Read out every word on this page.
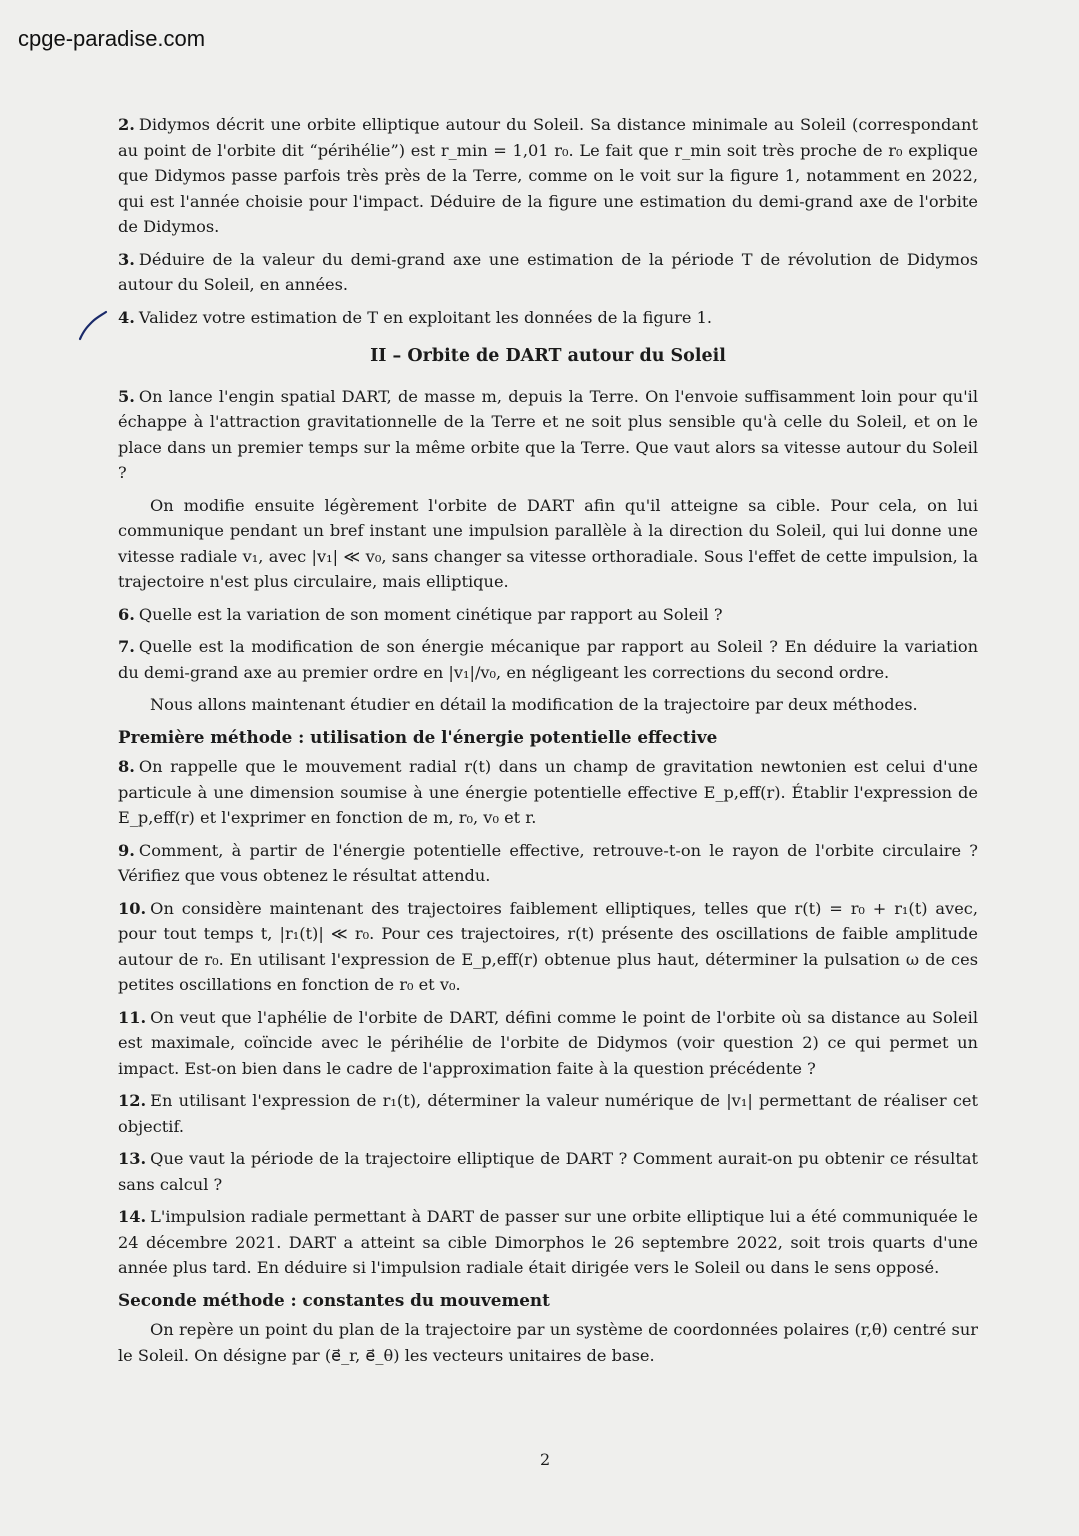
cpge-paradise.com

2. Didymos décrit une orbite elliptique autour du Soleil. Sa distance minimale au Soleil (correspondant au point de l'orbite dit “périhélie”) est r_min = 1,01 r₀. Le fait que r_min soit très proche de r₀ explique que Didymos passe parfois très près de la Terre, comme on le voit sur la figure 1, notamment en 2022, qui est l'année choisie pour l'impact. Déduire de la figure une estimation du demi-grand axe de l'orbite de Didymos.

3. Déduire de la valeur du demi-grand axe une estimation de la période T de révolution de Didymos autour du Soleil, en années.

4. Validez votre estimation de T en exploitant les données de la figure 1.

II – Orbite de DART autour du Soleil

5. On lance l'engin spatial DART, de masse m, depuis la Terre. On l'envoie suffisamment loin pour qu'il échappe à l'attraction gravitationnelle de la Terre et ne soit plus sensible qu'à celle du Soleil, et on le place dans un premier temps sur la même orbite que la Terre. Que vaut alors sa vitesse autour du Soleil ?

On modifie ensuite légèrement l'orbite de DART afin qu'il atteigne sa cible. Pour cela, on lui communique pendant un bref instant une impulsion parallèle à la direction du Soleil, qui lui donne une vitesse radiale v₁, avec |v₁| ≪ v₀, sans changer sa vitesse orthoradiale. Sous l'effet de cette impulsion, la trajectoire n'est plus circulaire, mais elliptique.

6. Quelle est la variation de son moment cinétique par rapport au Soleil ?

7. Quelle est la modification de son énergie mécanique par rapport au Soleil ? En déduire la variation du demi-grand axe au premier ordre en |v₁|/v₀, en négligeant les corrections du second ordre.

Nous allons maintenant étudier en détail la modification de la trajectoire par deux méthodes.

Première méthode : utilisation de l'énergie potentielle effective

8. On rappelle que le mouvement radial r(t) dans un champ de gravitation newtonien est celui d'une particule à une dimension soumise à une énergie potentielle effective E_p,eff(r). Établir l'expression de E_p,eff(r) et l'exprimer en fonction de m, r₀, v₀ et r.

9. Comment, à partir de l'énergie potentielle effective, retrouve-t-on le rayon de l'orbite circulaire ? Vérifiez que vous obtenez le résultat attendu.

10. On considère maintenant des trajectoires faiblement elliptiques, telles que r(t) = r₀ + r₁(t) avec, pour tout temps t, |r₁(t)| ≪ r₀. Pour ces trajectoires, r(t) présente des oscillations de faible amplitude autour de r₀. En utilisant l'expression de E_p,eff(r) obtenue plus haut, déterminer la pulsation ω de ces petites oscillations en fonction de r₀ et v₀.

11. On veut que l'aphélie de l'orbite de DART, défini comme le point de l'orbite où sa distance au Soleil est maximale, coïncide avec le périhélie de l'orbite de Didymos (voir question 2) ce qui permet un impact. Est-on bien dans le cadre de l'approximation faite à la question précédente ?

12. En utilisant l'expression de r₁(t), déterminer la valeur numérique de |v₁| permettant de réaliser cet objectif.

13. Que vaut la période de la trajectoire elliptique de DART ? Comment aurait-on pu obtenir ce résultat sans calcul ?

14. L'impulsion radiale permettant à DART de passer sur une orbite elliptique lui a été communiquée le 24 décembre 2021. DART a atteint sa cible Dimorphos le 26 septembre 2022, soit trois quarts d'une année plus tard. En déduire si l'impulsion radiale était dirigée vers le Soleil ou dans le sens opposé.

Seconde méthode : constantes du mouvement

On repère un point du plan de la trajectoire par un système de coordonnées polaires (r,θ) centré sur le Soleil. On désigne par (e⃗_r, e⃗_θ) les vecteurs unitaires de base.

2
